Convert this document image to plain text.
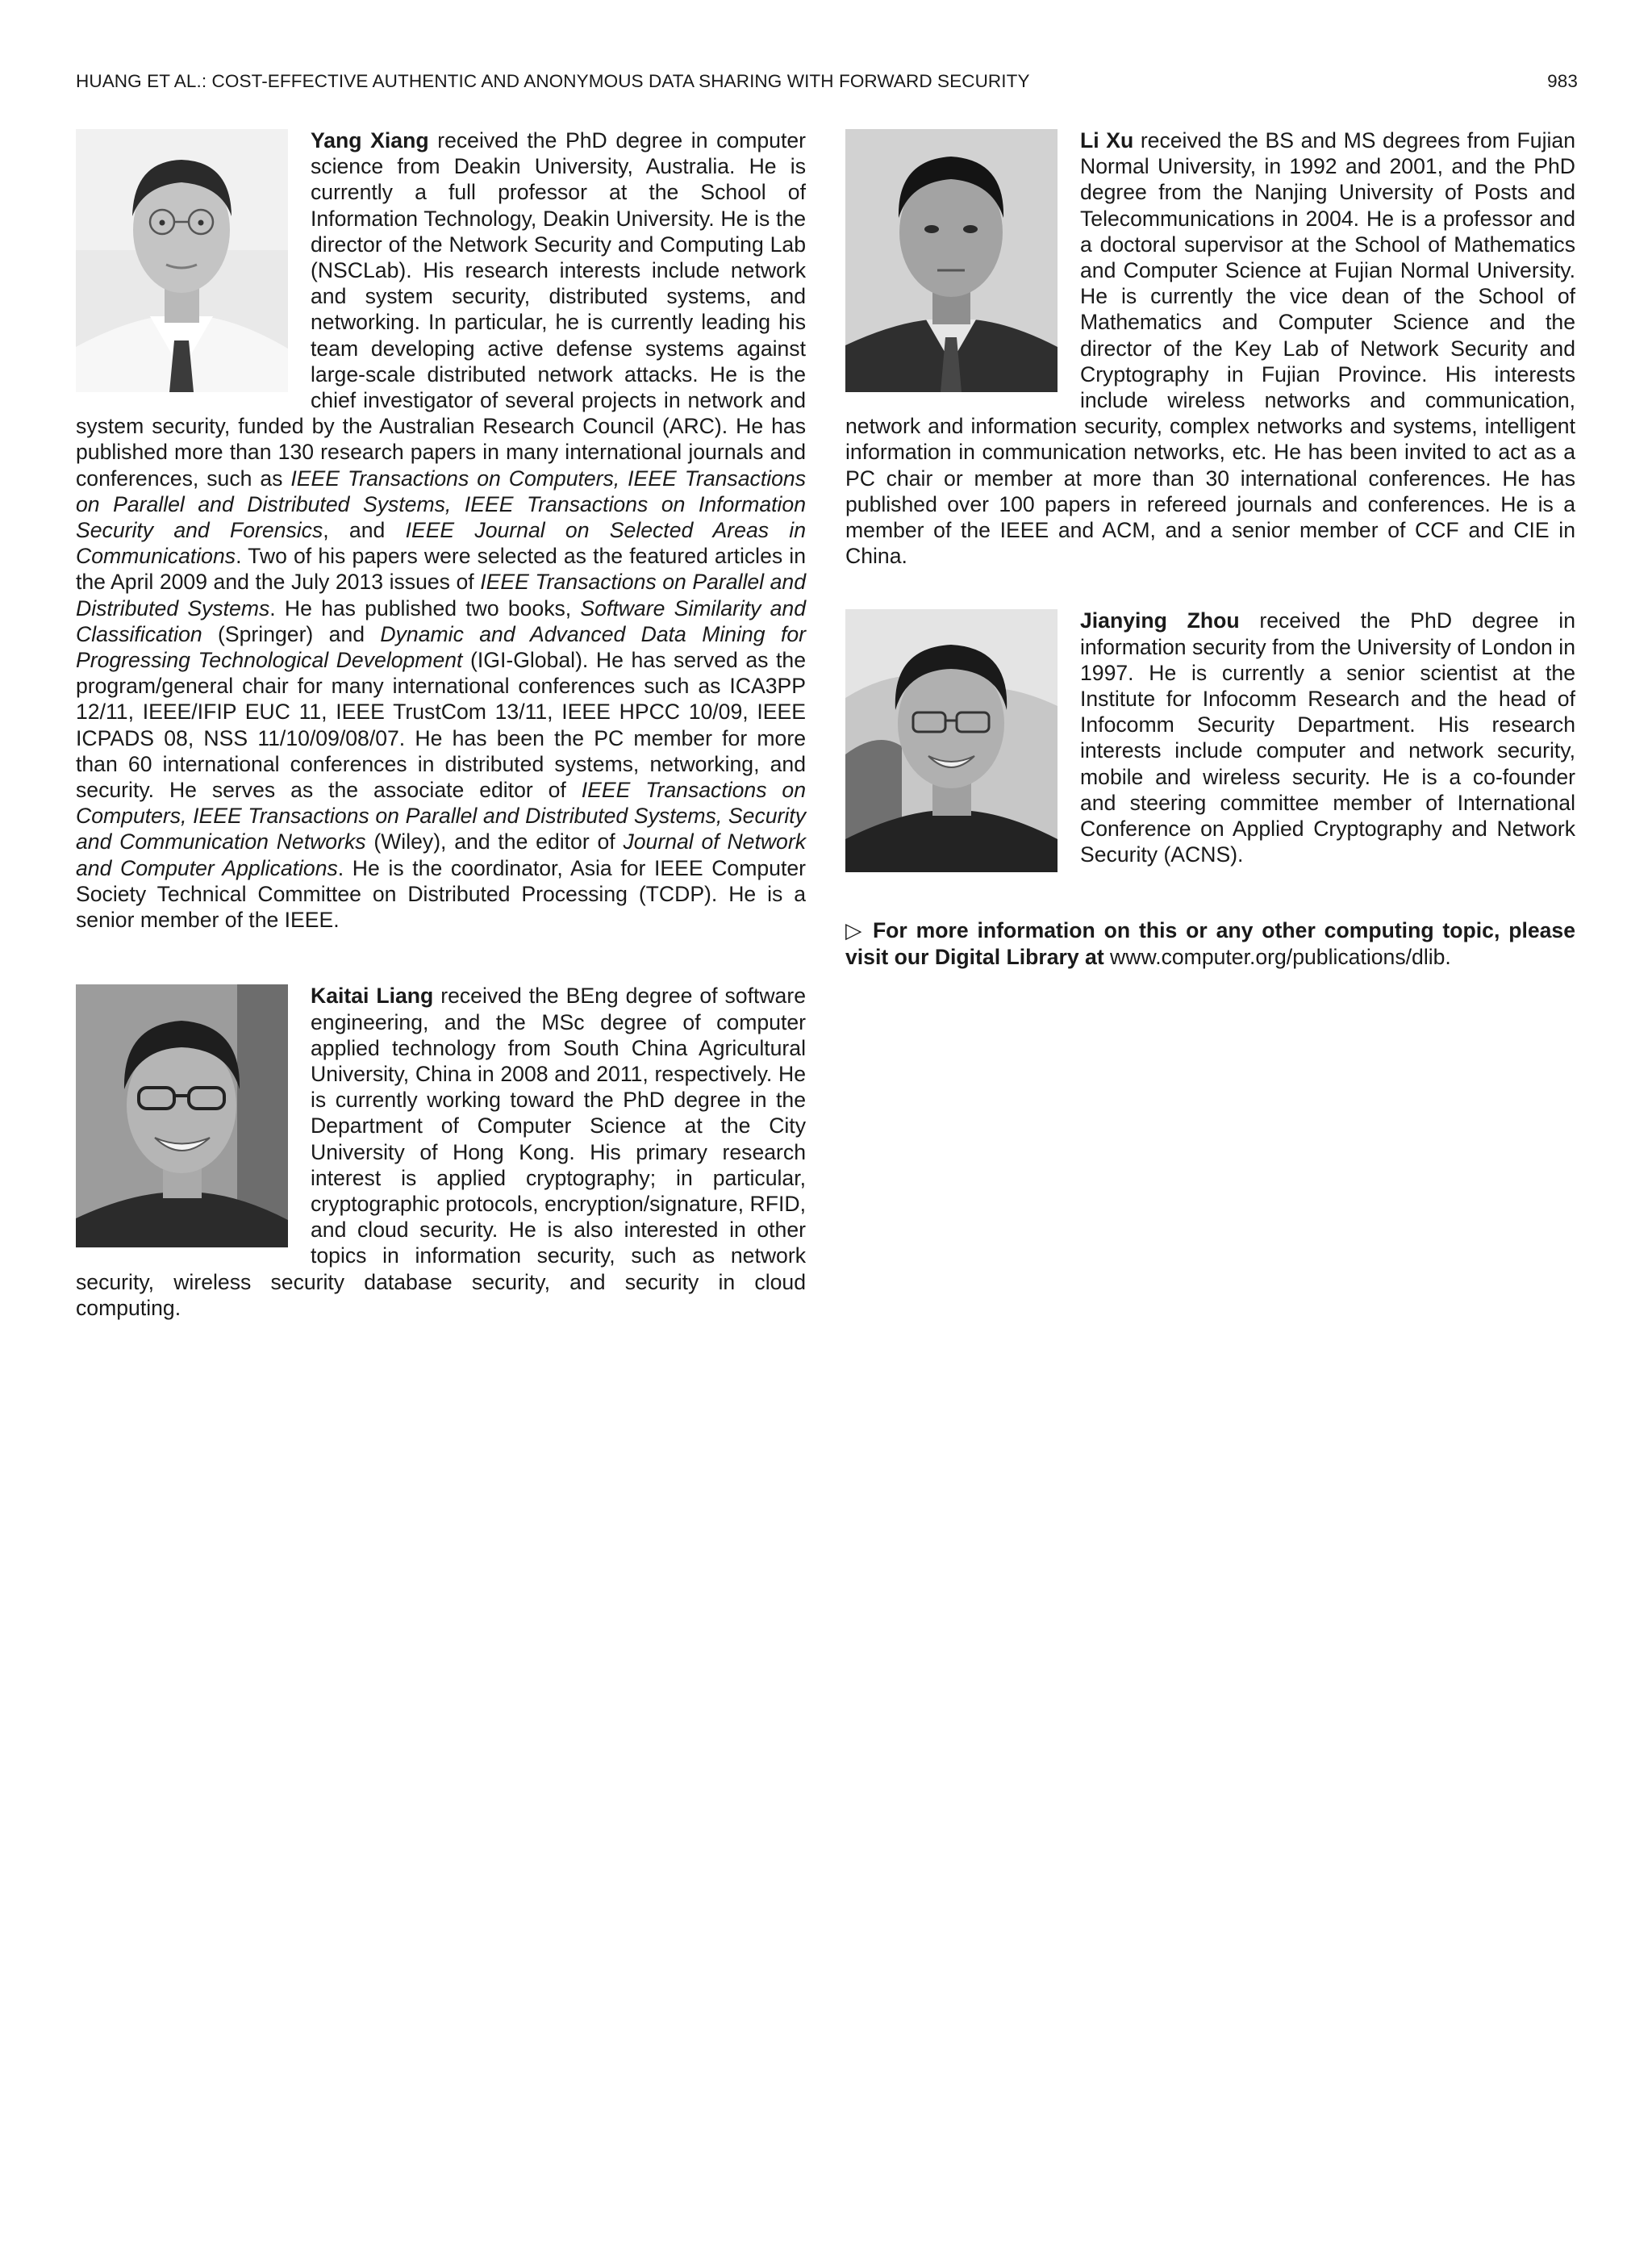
HUANG ET AL.: COST-EFFECTIVE AUTHENTIC AND ANONYMOUS DATA SHARING WITH FORWARD SECURITY	983
Yang Xiang received the PhD degree in computer science from Deakin University, Australia. He is currently a full professor at the School of Information Technology, Deakin University. He is the director of the Network Security and Computing Lab (NSCLab). His research interests include network and system security, distributed systems, and networking. In particular, he is currently leading his team developing active defense systems against large-scale distributed network attacks. He is the chief investigator of several projects in network and system security, funded by the Australian Research Council (ARC). He has published more than 130 research papers in many international journals and conferences, such as IEEE Transactions on Computers, IEEE Transactions on Parallel and Distributed Systems, IEEE Transactions on Information Security and Forensics, and IEEE Journal on Selected Areas in Communications. Two of his papers were selected as the featured articles in the April 2009 and the July 2013 issues of IEEE Transactions on Parallel and Distributed Systems. He has published two books, Software Similarity and Classification (Springer) and Dynamic and Advanced Data Mining for Progressing Technological Development (IGI-Global). He has served as the program/general chair for many international conferences such as ICA3PP 12/11, IEEE/IFIP EUC 11, IEEE TrustCom 13/11, IEEE HPCC 10/09, IEEE ICPADS 08, NSS 11/10/09/08/07. He has been the PC member for more than 60 international conferences in distributed systems, networking, and security. He serves as the associate editor of IEEE Transactions on Computers, IEEE Transactions on Parallel and Distributed Systems, Security and Communication Networks (Wiley), and the editor of Journal of Network and Computer Applications. He is the coordinator, Asia for IEEE Computer Society Technical Committee on Distributed Processing (TCDP). He is a senior member of the IEEE.
Kaitai Liang received the BEng degree of software engineering, and the MSc degree of computer applied technology from South China Agricultural University, China in 2008 and 2011, respectively. He is currently working toward the PhD degree in the Department of Computer Science at the City University of Hong Kong. His primary research interest is applied cryptography; in particular, cryptographic protocols, encryption/signature, RFID, and cloud security. He is also interested in other topics in information security, such as network security, wireless security database security, and security in cloud computing.
Li Xu received the BS and MS degrees from Fujian Normal University, in 1992 and 2001, and the PhD degree from the Nanjing University of Posts and Telecommunications in 2004. He is a professor and a doctoral supervisor at the School of Mathematics and Computer Science at Fujian Normal University. He is currently the vice dean of the School of Mathematics and Computer Science and the director of the Key Lab of Network Security and Cryptography in Fujian Province. His interests include wireless networks and communication, network and information security, complex networks and systems, intelligent information in communication networks, etc. He has been invited to act as a PC chair or member at more than 30 international conferences. He has published over 100 papers in refereed journals and conferences. He is a member of the IEEE and ACM, and a senior member of CCF and CIE in China.
Jianying Zhou received the PhD degree in information security from the University of London in 1997. He is currently a senior scientist at the Institute for Infocomm Research and the head of Infocomm Security Department. His research interests include computer and network security, mobile and wireless security. He is a co-founder and steering committee member of International Conference on Applied Cryptography and Network Security (ACNS).
▷ For more information on this or any other computing topic, please visit our Digital Library at www.computer.org/publications/dlib.
